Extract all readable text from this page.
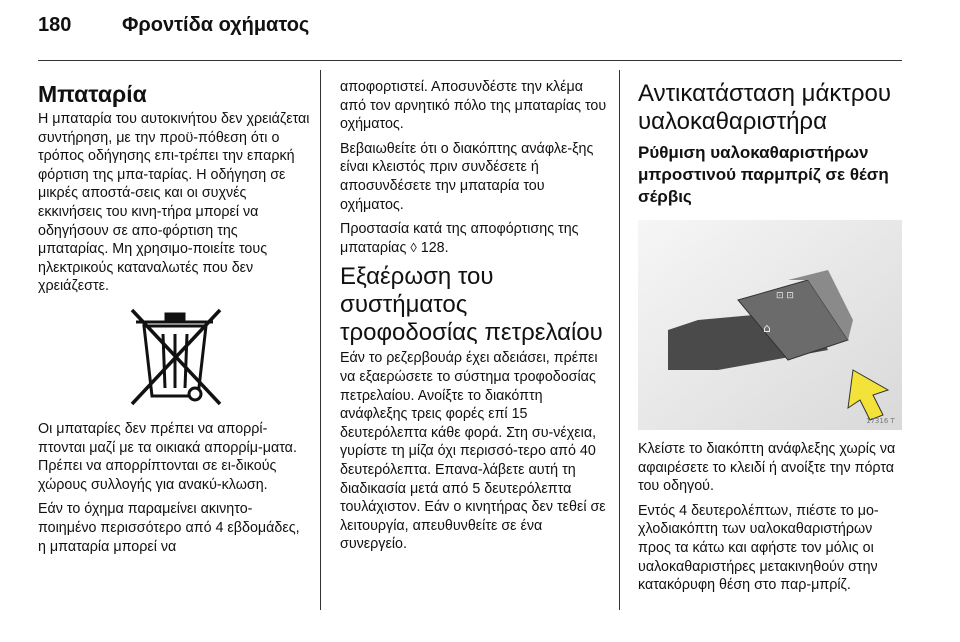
180	Φροντίδα οχήματος
Μπαταρία

Η μπαταρία του αυτοκινήτου δεν χρειάζεται συντήρηση, με την προϋ-πόθεση ότι ο τρόπος οδήγησης επι-τρέπει την επαρκή φόρτιση της μπα-ταρίας. Η οδήγηση σε μικρές αποστά-σεις και οι συχνές εκκινήσεις του κινη-τήρα μπορεί να οδηγήσουν σε απο-φόρτιση της μπαταρίας. Μη χρησιμο-ποιείτε τους ηλεκτρικούς καταναλωτές που δεν χρειάζεστε.

Οι μπαταρίες δεν πρέπει να απορρί-πτονται μαζί με τα οικιακά απορρίμ-ματα. Πρέπει να απορρίπτονται σε ει-δικούς χώρους συλλογής για ανακύ-κλωση.

Εάν το όχημα παραμείνει ακινητο-ποιημένο περισσότερο από 4 εβδομάδες, η μπαταρία μπορεί να

αποφορτιστεί. Αποσυνδέστε την κλέμα από τον αρνητικό πόλο της μπαταρίας του οχήματος.

Βεβαιωθείτε ότι ο διακόπτης ανάφλε-ξης είναι κλειστός πριν συνδέσετε ή αποσυνδέσετε την μπαταρία του οχήματος.

Προστασία κατά της αποφόρτισης της μπαταρίας ◊ 128.

Εξαέρωση του συστήματος τροφοδοσίας πετρελαίου

Εάν το ρεζερβουάρ έχει αδειάσει, πρέπει να εξαερώσετε το σύστημα τροφοδοσίας πετρελαίου. Ανοίξτε το διακόπτη ανάφλεξης τρεις φορές επί 15 δευτερόλεπτα κάθε φορά. Στη συ-νέχεια, γυρίστε τη μίζα όχι περισσό-τερο από 40 δευτερόλεπτα. Επανα-λάβετε αυτή τη διαδικασία μετά από 5 δευτερόλεπτα τουλάχιστον. Εάν ο κινητήρας δεν τεθεί σε λειτουργία, απευθυνθείτε σε ένα συνεργείο.

Αντικατάσταση μάκτρου υαλοκαθαριστήρα
Ρύθμιση υαλοκαθαριστήρων μπροστινού παρμπρίζ σε θέση σέρβις
⊡ ⊡
⌂
17316 T

Κλείστε το διακόπτη ανάφλεξης χωρίς να αφαιρέσετε το κλειδί ή ανοίξτε την πόρτα του οδηγού.

Εντός 4 δευτερολέπτων, πιέστε το μο-χλοδιακόπτη των υαλοκαθαριστήρων προς τα κάτω και αφήστε τον μόλις οι υαλοκαθαριστήρες μετακινηθούν στην κατακόρυφη θέση στο παρ-μπρίζ.
